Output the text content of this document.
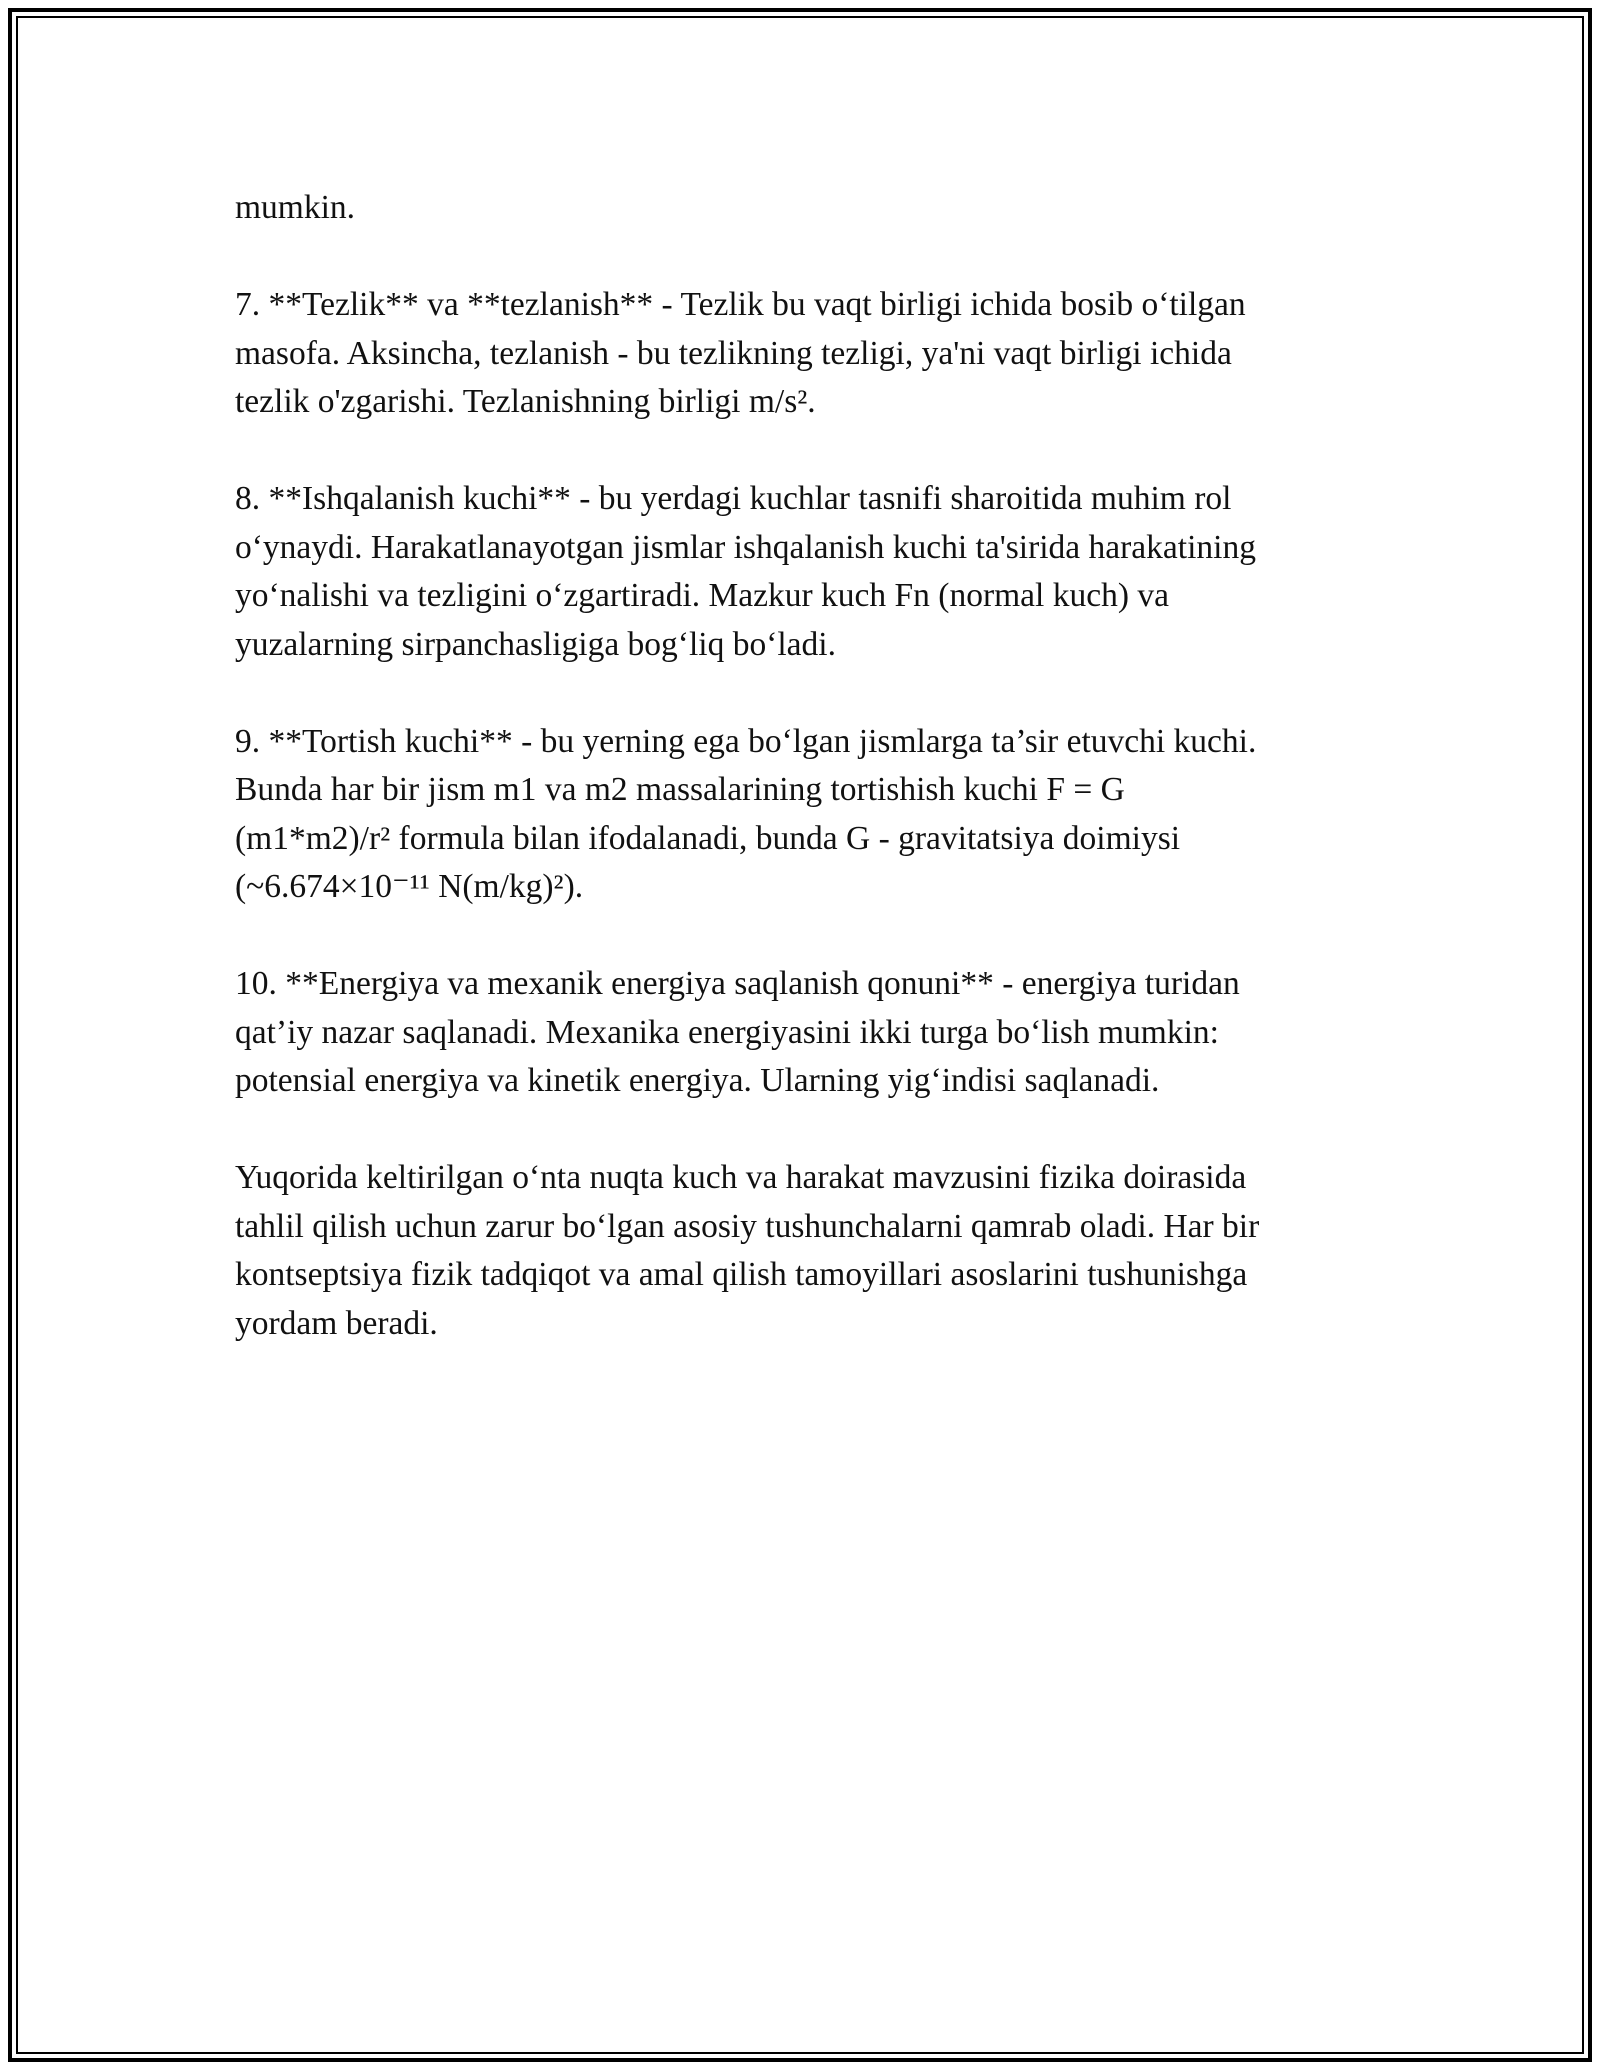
mumkin.

7. **Tezlik** va **tezlanish** - Tezlik bu vaqt birligi ichida bosib o‘tilgan
masofa. Aksincha, tezlanish - bu tezlikning tezligi, ya'ni vaqt birligi ichida
tezlik o'zgarishi. Tezlanishning birligi m/s².

8. **Ishqalanish kuchi** - bu yerdagi kuchlar tasnifi sharoitida muhim rol
o‘ynaydi. Harakatlanayotgan jismlar ishqalanish kuchi ta'sirida harakatining
yo‘nalishi va tezligini o‘zgartiradi. Mazkur kuch Fn (normal kuch) va
yuzalarning sirpanchasligiga bog‘liq bo‘ladi.

9. **Tortish kuchi** - bu yerning ega bo‘lgan jismlarga ta’sir etuvchi kuchi.
Bunda har bir jism m1 va m2 massalarining tortishish kuchi F = G
(m1*m2)/r² formula bilan ifodalanadi, bunda G - gravitatsiya doimiysi
(~6.674×10⁻¹¹ N(m/kg)²).

10. **Energiya va mexanik energiya saqlanish qonuni** - energiya turidan
qat’iy nazar saqlanadi. Mexanika energiyasini ikki turga bo‘lish mumkin:
potensial energiya va kinetik energiya. Ularning yig‘indisi saqlanadi.

Yuqorida keltirilgan o‘nta nuqta kuch va harakat mavzusini fizika doirasida
tahlil qilish uchun zarur bo‘lgan asosiy tushunchalarni qamrab oladi. Har bir
kontseptsiya fizik tadqiqot va amal qilish tamoyillari asoslarini tushunishga
yordam beradi.
